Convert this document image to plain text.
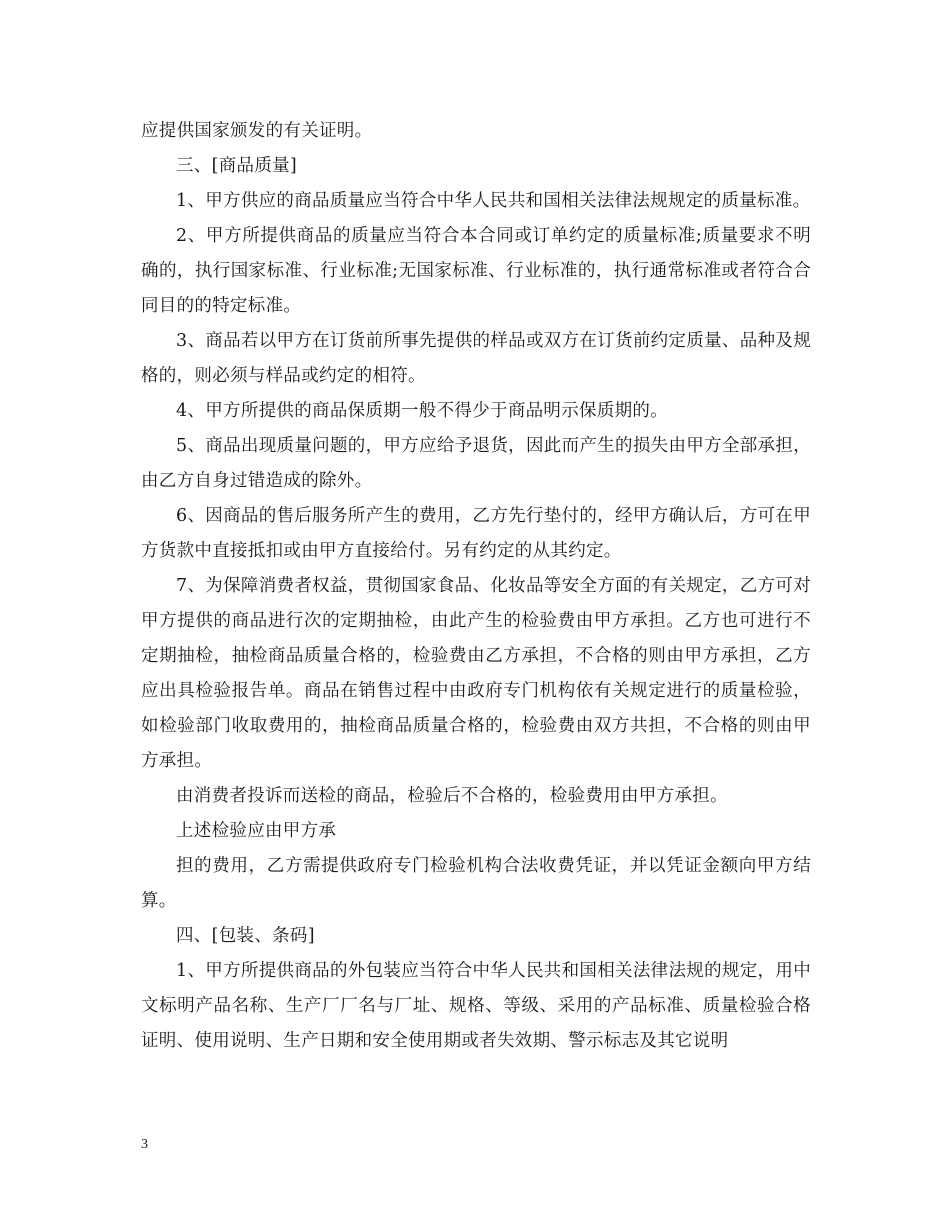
应提供国家颁发的有关证明。

三、[商品质量]

1、甲方供应的商品质量应当符合中华人民共和国相关法律法规规定的质量标准。

2、甲方所提供商品的质量应当符合本合同或订单约定的质量标准;质量要求不明确的，执行国家标准、行业标准;无国家标准、行业标准的，执行通常标准或者符合合同目的的特定标准。

3、商品若以甲方在订货前所事先提供的样品或双方在订货前约定质量、品种及规格的，则必须与样品或约定的相符。

4、甲方所提供的商品保质期一般不得少于商品明示保质期的。

5、商品出现质量问题的，甲方应给予退货，因此而产生的损失由甲方全部承担，由乙方自身过错造成的除外。

6、因商品的售后服务所产生的费用，乙方先行垫付的，经甲方确认后，方可在甲方货款中直接抵扣或由甲方直接给付。另有约定的从其约定。

7、为保障消费者权益，贯彻国家食品、化妆品等安全方面的有关规定，乙方可对甲方提供的商品进行次的定期抽检，由此产生的检验费由甲方承担。乙方也可进行不定期抽检，抽检商品质量合格的，检验费由乙方承担，不合格的则由甲方承担，乙方应出具检验报告单。商品在销售过程中由政府专门机构依有关规定进行的质量检验，如检验部门收取费用的，抽检商品质量合格的，检验费由双方共担，不合格的则由甲方承担。

由消费者投诉而送检的商品，检验后不合格的，检验费用由甲方承担。

上述检验应由甲方承

担的费用，乙方需提供政府专门检验机构合法收费凭证，并以凭证金额向甲方结算。

四、[包装、条码]

1、甲方所提供商品的外包装应当符合中华人民共和国相关法律法规的规定，用中文标明产品名称、生产厂厂名与厂址、规格、等级、采用的产品标准、质量检验合格证明、使用说明、生产日期和安全使用期或者失效期、警示标志及其它说明

3
